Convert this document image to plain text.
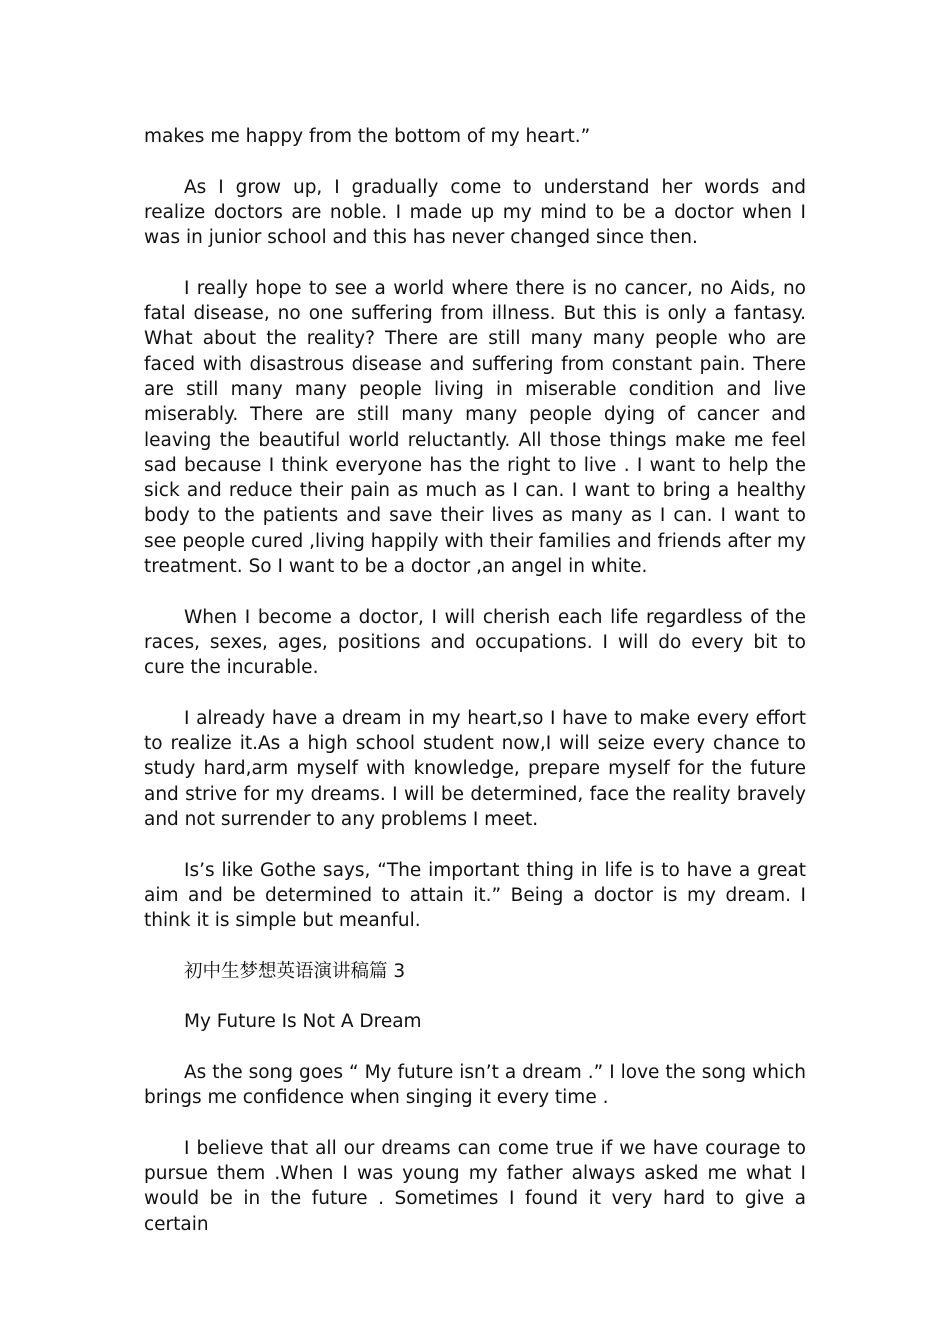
makes me happy from the bottom of my heart.”

As I grow up, I gradually come to understand her words and realize doctors are noble. I made up my mind to be a doctor when I was in junior school and this has never changed since then.

I really hope to see a world where there is no cancer, no Aids, no fatal disease, no one suffering from illness. But this is only a fantasy. What about the reality? There are still many many people who are faced with disastrous disease and suffering from constant pain. There are still many many people living in miserable condition and live miserably. There are still many many people dying of cancer and leaving the beautiful world reluctantly. All those things make me feel sad because I think everyone has the right to live . I want to help the sick and reduce their pain as much as I can. I want to bring a healthy body to the patients and save their lives as many as I can. I want to see people cured ,living happily with their families and friends after my treatment. So I want to be a doctor ,an angel in white.

When I become a doctor, I will cherish each life regardless of the races, sexes, ages, positions and occupations. I will do every bit to cure the incurable.

I already have a dream in my heart,so I have to make every effort to realize it.As a high school student now,I will seize every chance to study hard,arm myself with knowledge, prepare myself for the future and strive for my dreams. I will be determined, face the reality bravely and not surrender to any problems I meet.

Is’s like Gothe says, “The important thing in life is to have a great aim and be determined to attain it.” Being a doctor is my dream. I think it is simple but meanful.

初中生梦想英语演讲稿篇 3

My Future Is Not A Dream

As the song goes “ My future isn’t a dream .” I love the song which brings me confidence when singing it every time .

I believe that all our dreams can come true if we have courage to pursue them .When I was young my father always asked me what I would be in the future . Sometimes I found it very hard to give a certain
